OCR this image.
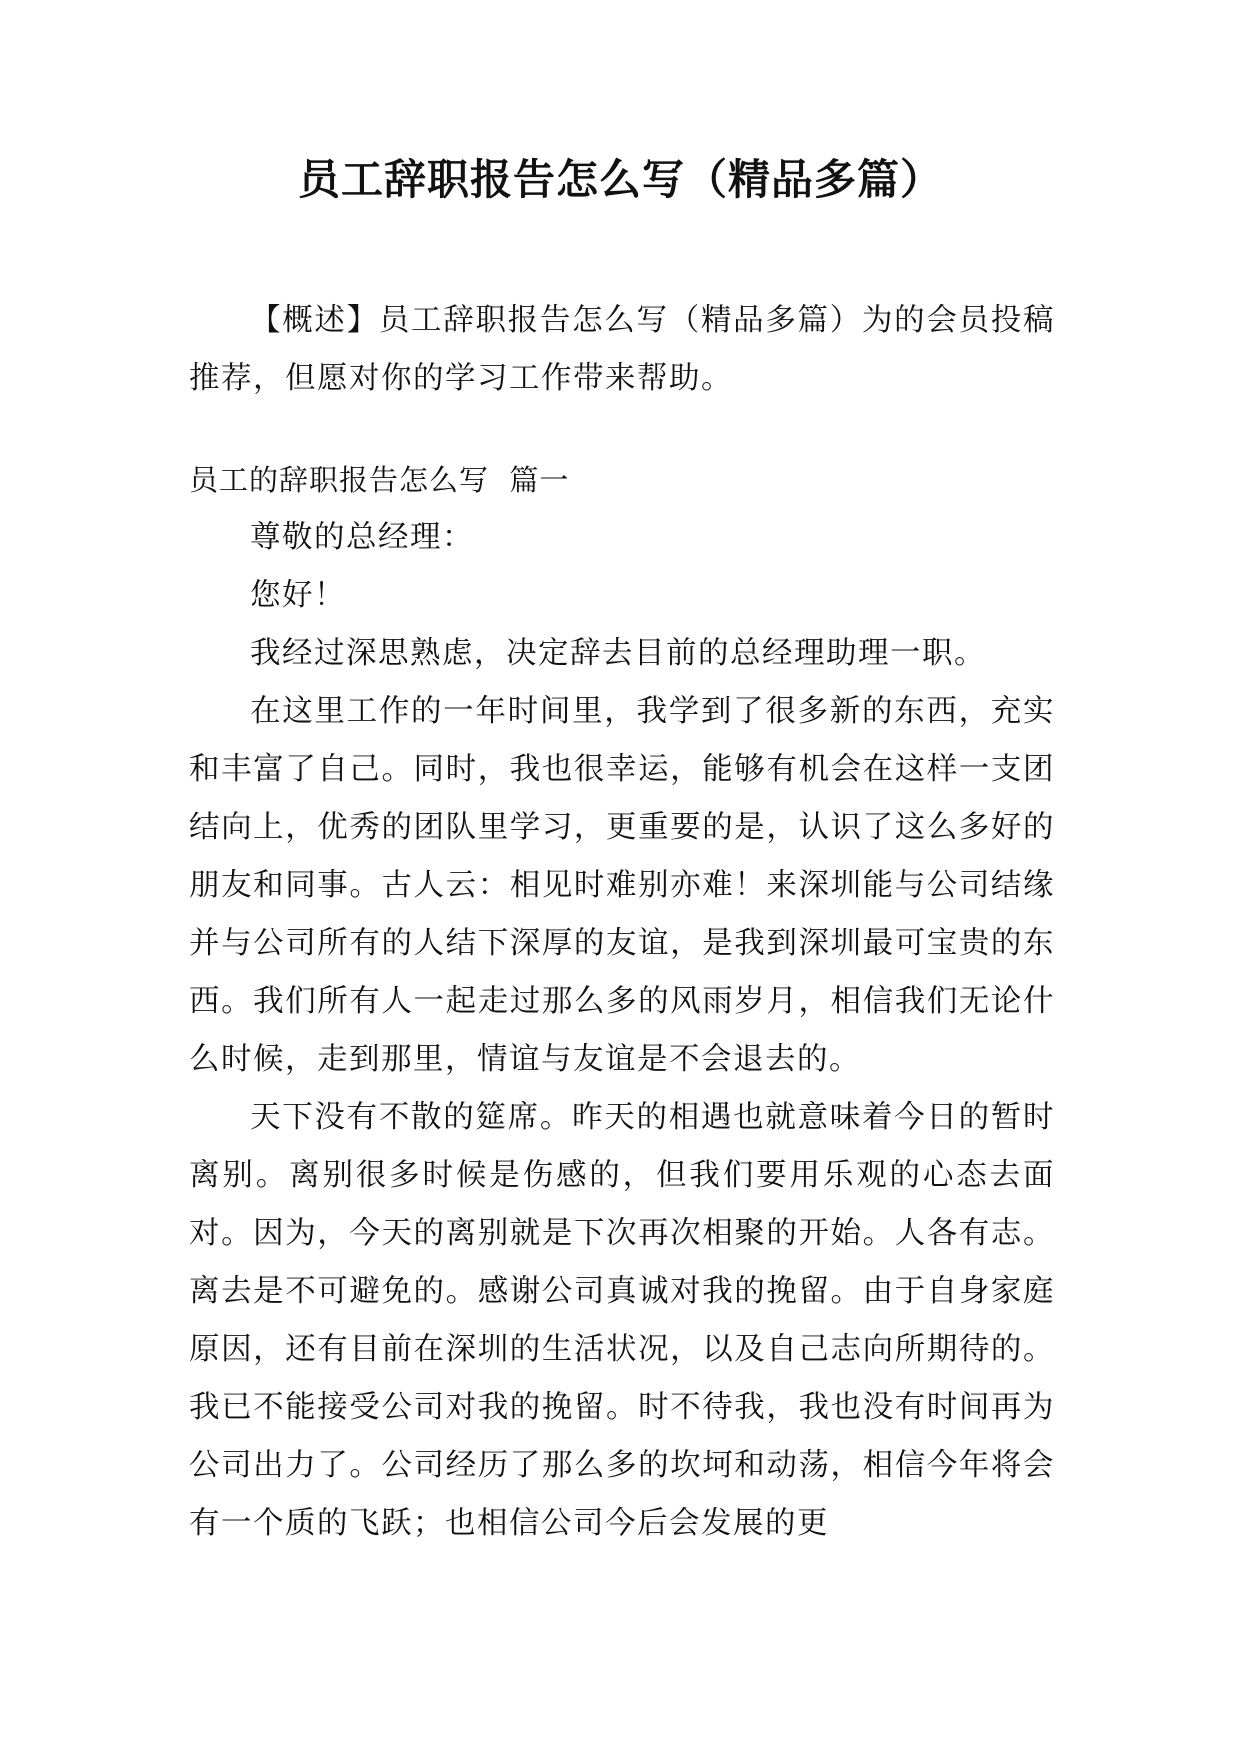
员工辞职报告怎么写（精品多篇）

【概述】员工辞职报告怎么写（精品多篇）为的会员投稿推荐，但愿对你的学习工作带来帮助。

员工的辞职报告怎么写  篇一

尊敬的总经理：

您好！

我经过深思熟虑，决定辞去目前的总经理助理一职。

在这里工作的一年时间里，我学到了很多新的东西，充实和丰富了自己。同时，我也很幸运，能够有机会在这样一支团结向上，优秀的团队里学习，更重要的是，认识了这么多好的朋友和同事。古人云：相见时难别亦难！来深圳能与公司结缘并与公司所有的人结下深厚的友谊，是我到深圳最可宝贵的东西。我们所有人一起走过那么多的风雨岁月，相信我们无论什么时候，走到那里，情谊与友谊是不会退去的。

天下没有不散的筵席。昨天的相遇也就意味着今日的暂时离别。离别很多时候是伤感的，但我们要用乐观的心态去面对。因为，今天的离别就是下次再次相聚的开始。人各有志。离去是不可避免的。感谢公司真诚对我的挽留。由于自身家庭原因，还有目前在深圳的生活状况，以及自己志向所期待的。我已不能接受公司对我的挽留。时不待我，我也没有时间再为公司出力了。公司经历了那么多的坎坷和动荡，相信今年将会有一个质的飞跃；也相信公司今后会发展的更
